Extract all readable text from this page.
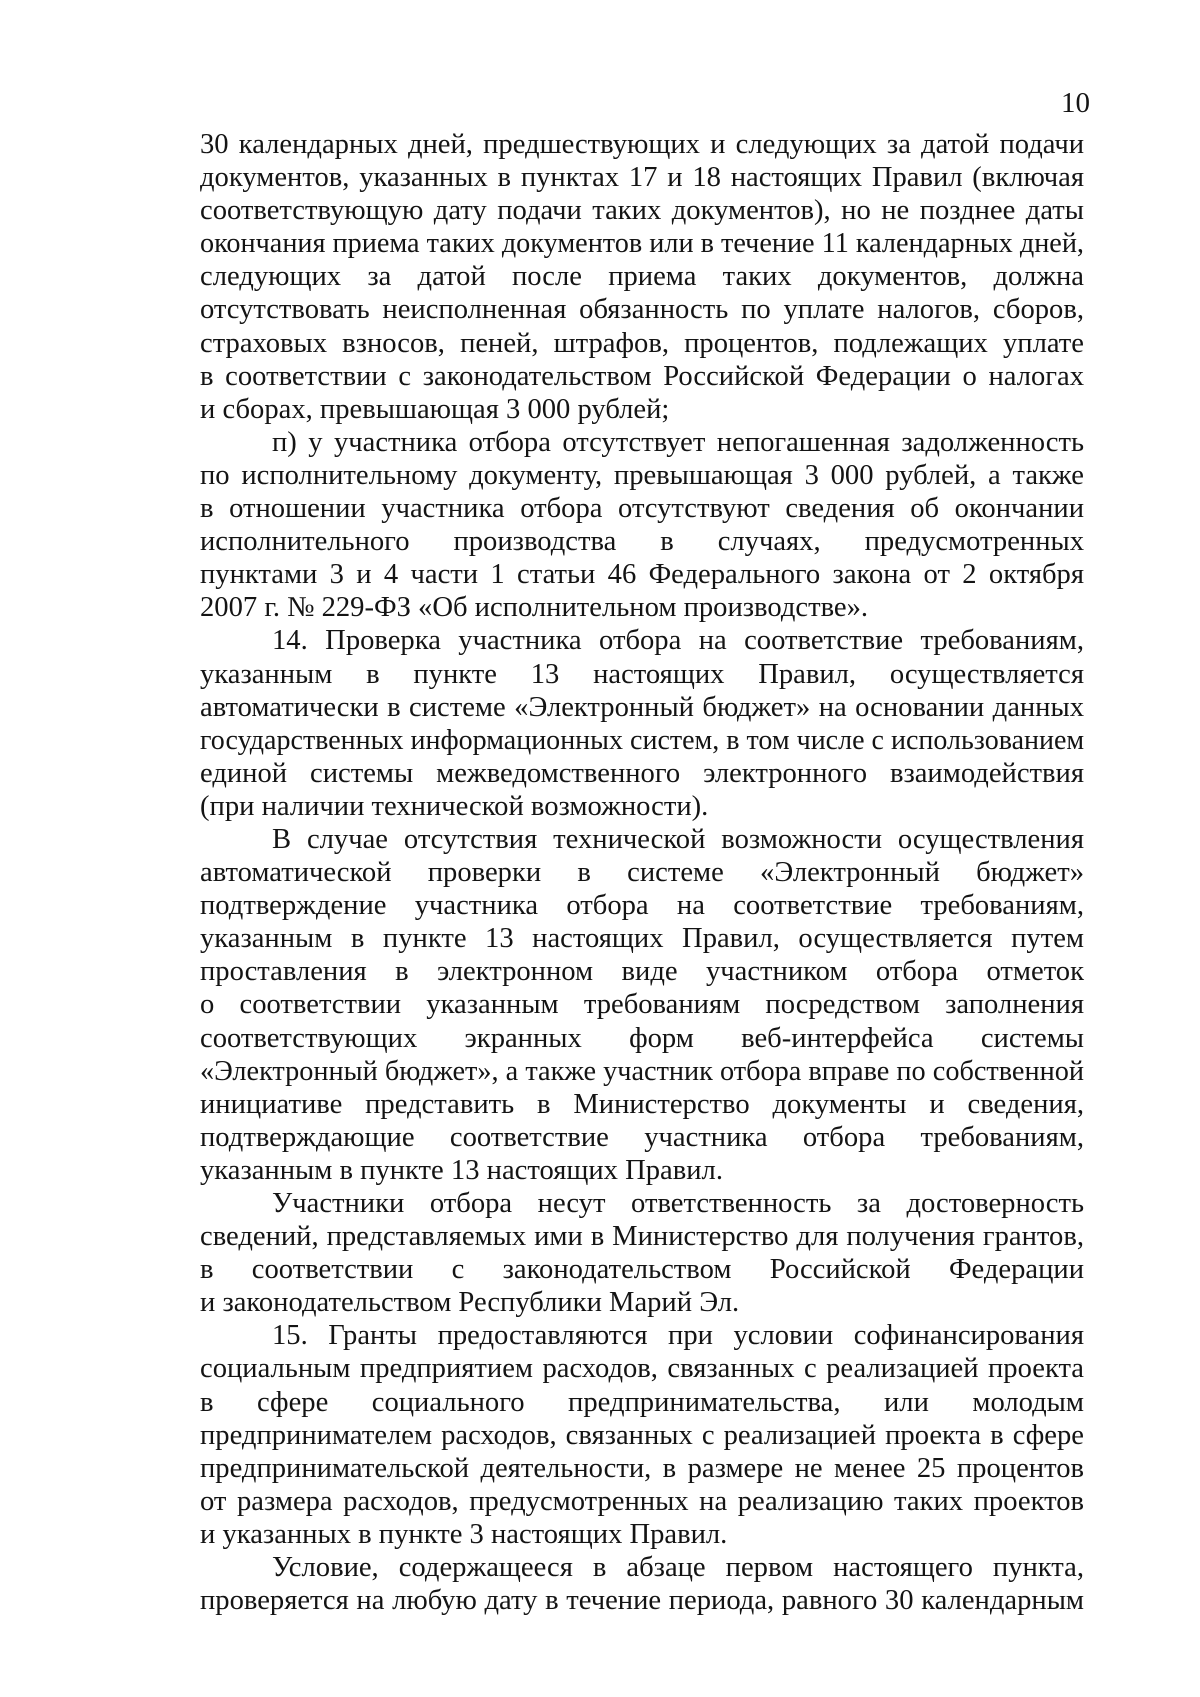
10
30 календарных дней, предшествующих и следующих за датой подачи
документов, указанных в пунктах 17 и 18 настоящих Правил (включая
соответствующую дату подачи таких документов), но не позднее даты
окончания приема таких документов или в течение 11 календарных дней,
следующих за датой после приема таких документов, должна
отсутствовать неисполненная обязанность по уплате налогов, сборов,
страховых взносов, пеней, штрафов, процентов, подлежащих уплате
в соответствии с законодательством Российской Федерации о налогах
и сборах, превышающая 3 000 рублей;
п) у участника отбора отсутствует непогашенная задолженность
по исполнительному документу, превышающая 3 000 рублей, а также
в отношении участника отбора отсутствуют сведения об окончании
исполнительного производства в случаях, предусмотренных
пунктами 3 и 4 части 1 статьи 46 Федерального закона от 2 октября
2007 г. № 229-ФЗ «Об исполнительном производстве».
14. Проверка участника отбора на соответствие требованиям,
указанным в пункте 13 настоящих Правил, осуществляется
автоматически в системе «Электронный бюджет» на основании данных
государственных информационных систем, в том числе с использованием
единой системы межведомственного электронного взаимодействия
(при наличии технической возможности).
В случае отсутствия технической возможности осуществления
автоматической проверки в системе «Электронный бюджет»
подтверждение участника отбора на соответствие требованиям,
указанным в пункте 13 настоящих Правил, осуществляется путем
проставления в электронном виде участником отбора отметок
о соответствии указанным требованиям посредством заполнения
соответствующих экранных форм веб-интерфейса системы
«Электронный бюджет», а также участник отбора вправе по собственной
инициативе представить в Министерство документы и сведения,
подтверждающие соответствие участника отбора требованиям,
указанным в пункте 13 настоящих Правил.
Участники отбора несут ответственность за достоверность
сведений, представляемых ими в Министерство для получения грантов,
в соответствии с законодательством Российской Федерации
и законодательством Республики Марий Эл.
15. Гранты предоставляются при условии софинансирования
социальным предприятием расходов, связанных с реализацией проекта
в сфере социального предпринимательства, или молодым
предпринимателем расходов, связанных с реализацией проекта в сфере
предпринимательской деятельности, в размере не менее 25 процентов
от размера расходов, предусмотренных на реализацию таких проектов
и указанных в пункте 3 настоящих Правил.
Условие, содержащееся в абзаце первом настоящего пункта,
проверяется на любую дату в течение периода, равного 30 календарным
